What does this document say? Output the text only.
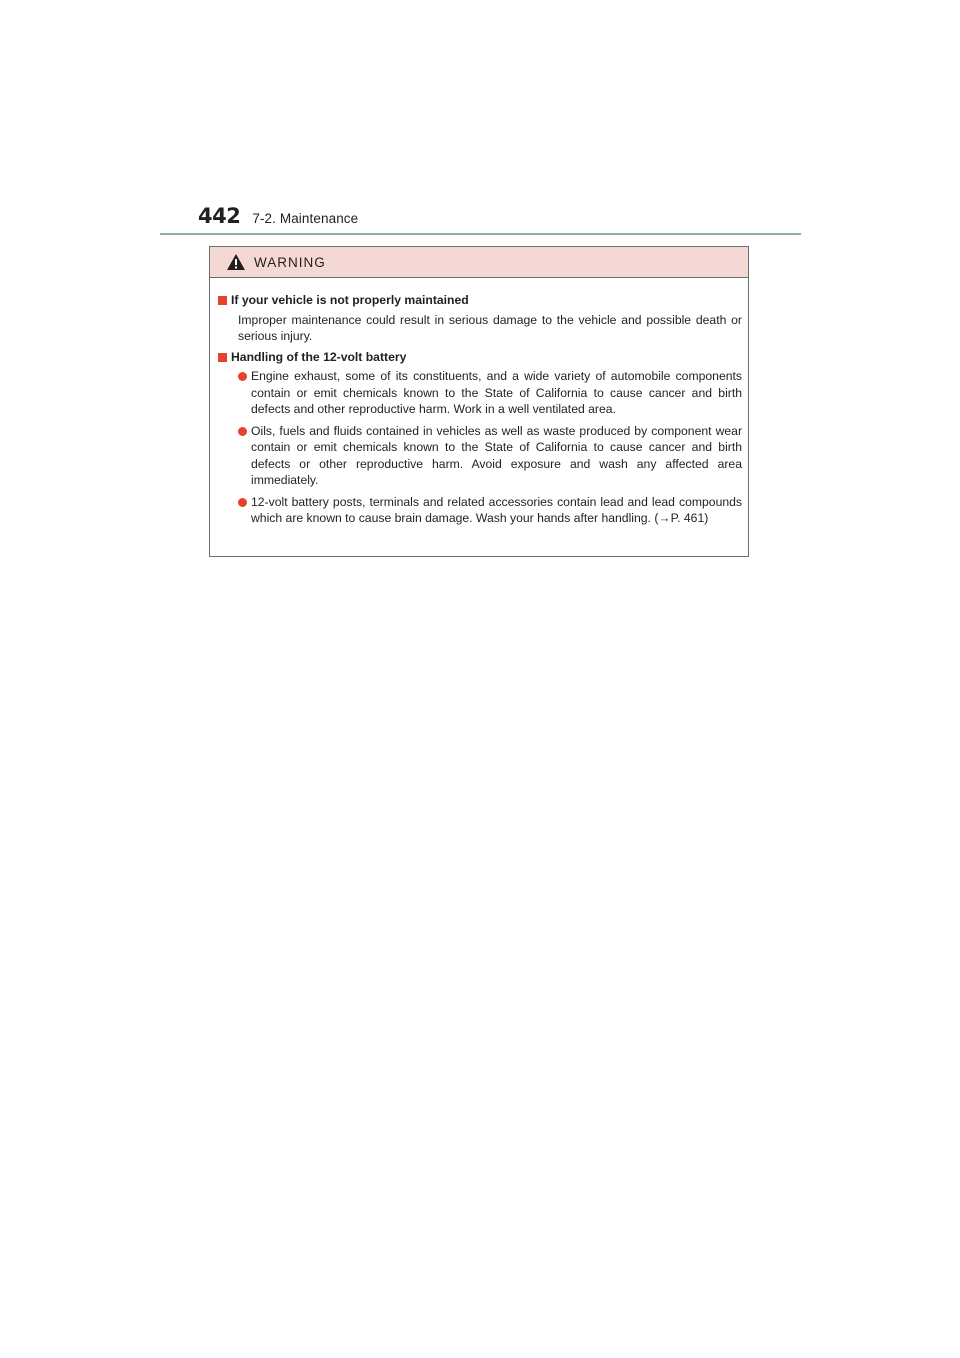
442 7-2. Maintenance
WARNING
If your vehicle is not properly maintained
Improper maintenance could result in serious damage to the vehicle and possible death or serious injury.
Handling of the 12-volt battery
Engine exhaust, some of its constituents, and a wide variety of automobile components contain or emit chemicals known to the State of California to cause cancer and birth defects and other reproductive harm. Work in a well ventilated area.
Oils, fuels and fluids contained in vehicles as well as waste produced by component wear contain or emit chemicals known to the State of California to cause cancer and birth defects or other reproductive harm. Avoid exposure and wash any affected area immediately.
12-volt battery posts, terminals and related accessories contain lead and lead compounds which are known to cause brain damage. Wash your hands after handling. (→P. 461)
